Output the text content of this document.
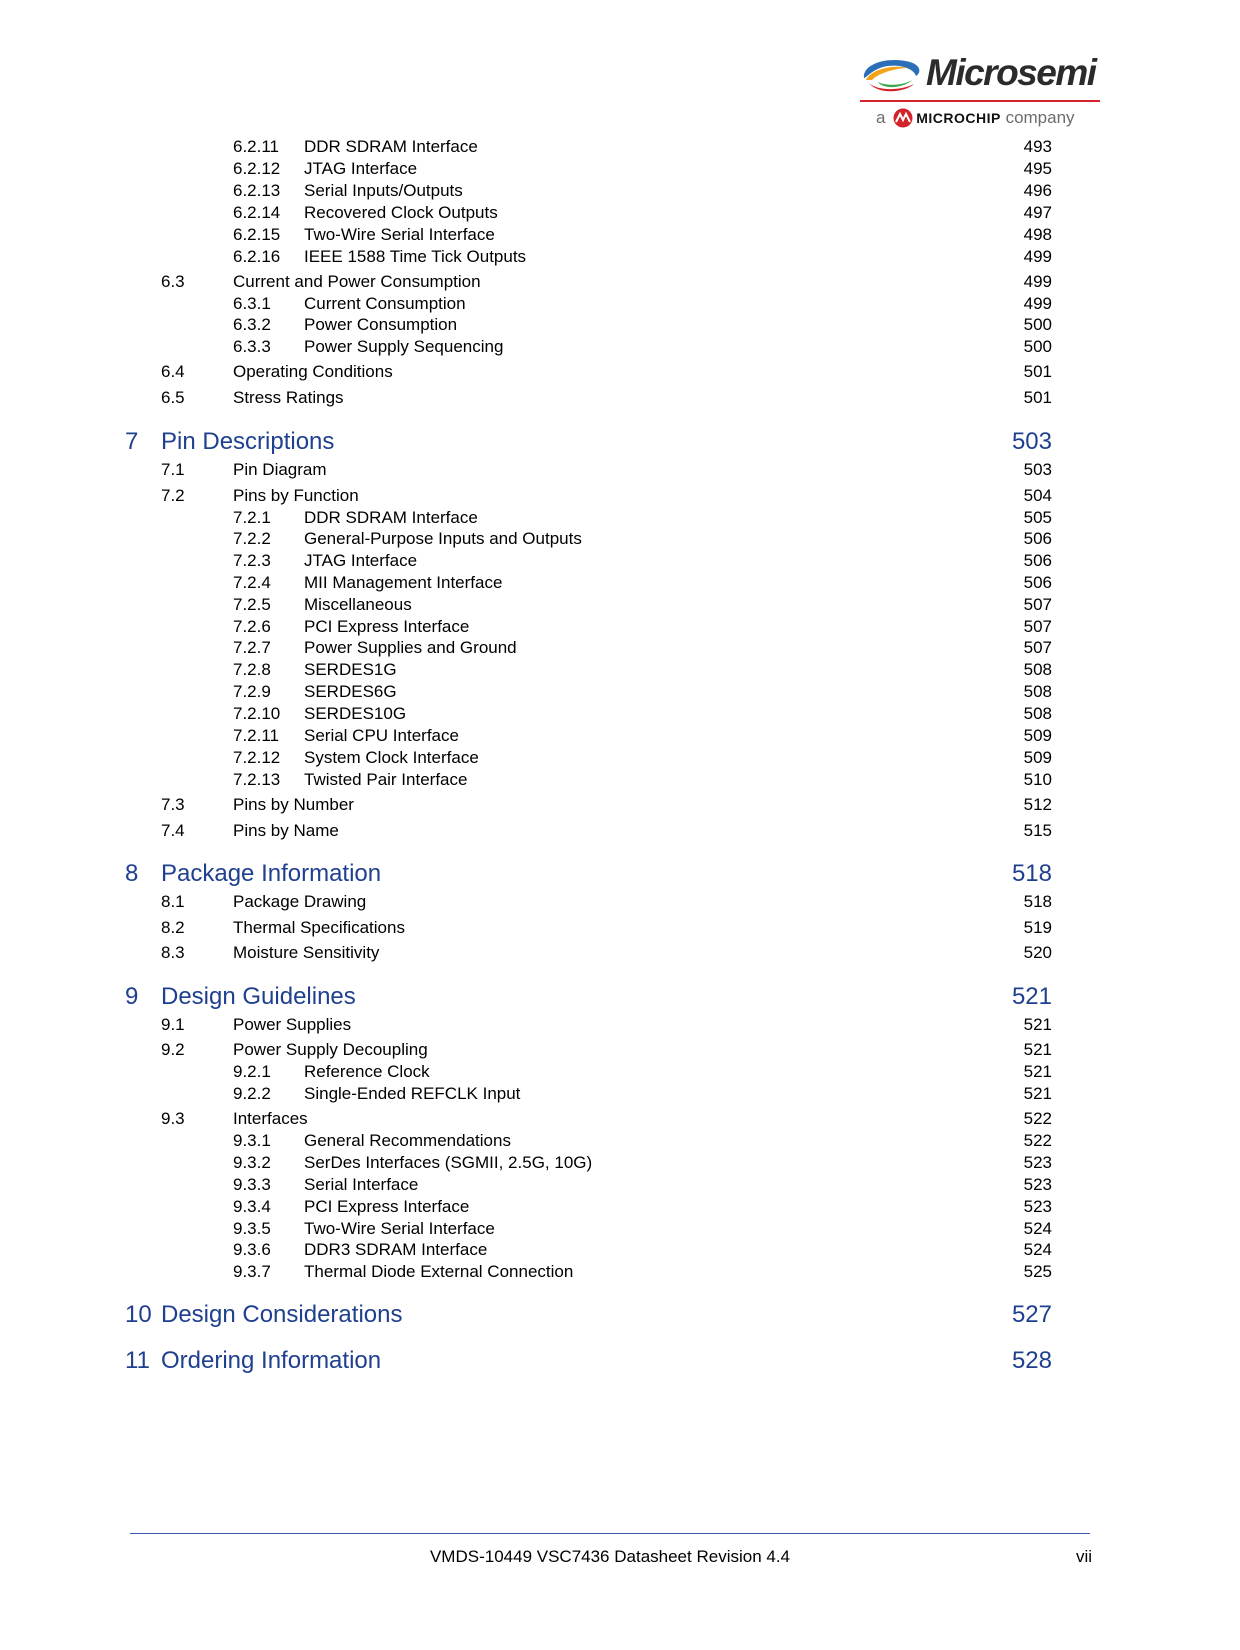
Microsemi
a MICROCHIP company
6.2.11	DDR SDRAM Interface	493
6.2.12	JTAG Interface	495
6.2.13	Serial Inputs/Outputs	496
6.2.14	Recovered Clock Outputs	497
6.2.15	Two-Wire Serial Interface	498
6.2.16	IEEE 1588 Time Tick Outputs	499
6.3	Current and Power Consumption	499
6.3.1	Current Consumption	499
6.3.2	Power Consumption	500
6.3.3	Power Supply Sequencing	500
6.4	Operating Conditions	501
6.5	Stress Ratings	501
7 Pin Descriptions	503
7.1	Pin Diagram	503
7.2	Pins by Function	504
7.2.1	DDR SDRAM Interface	505
7.2.2	General-Purpose Inputs and Outputs	506
7.2.3	JTAG Interface	506
7.2.4	MII Management Interface	506
7.2.5	Miscellaneous	507
7.2.6	PCI Express Interface	507
7.2.7	Power Supplies and Ground	507
7.2.8	SERDES1G	508
7.2.9	SERDES6G	508
7.2.10	SERDES10G	508
7.2.11	Serial CPU Interface	509
7.2.12	System Clock Interface	509
7.2.13	Twisted Pair Interface	510
7.3	Pins by Number	512
7.4	Pins by Name	515
8 Package Information	518
8.1	Package Drawing	518
8.2	Thermal Specifications	519
8.3	Moisture Sensitivity	520
9 Design Guidelines	521
9.1	Power Supplies	521
9.2	Power Supply Decoupling	521
9.2.1	Reference Clock	521
9.2.2	Single-Ended REFCLK Input	521
9.3	Interfaces	522
9.3.1	General Recommendations	522
9.3.2	SerDes Interfaces (SGMII, 2.5G, 10G)	523
9.3.3	Serial Interface	523
9.3.4	PCI Express Interface	523
9.3.5	Two-Wire Serial Interface	524
9.3.6	DDR3 SDRAM Interface	524
9.3.7	Thermal Diode External Connection	525
10 Design Considerations	527
11 Ordering Information	528
VMDS-10449 VSC7436 Datasheet Revision 4.4	vii
